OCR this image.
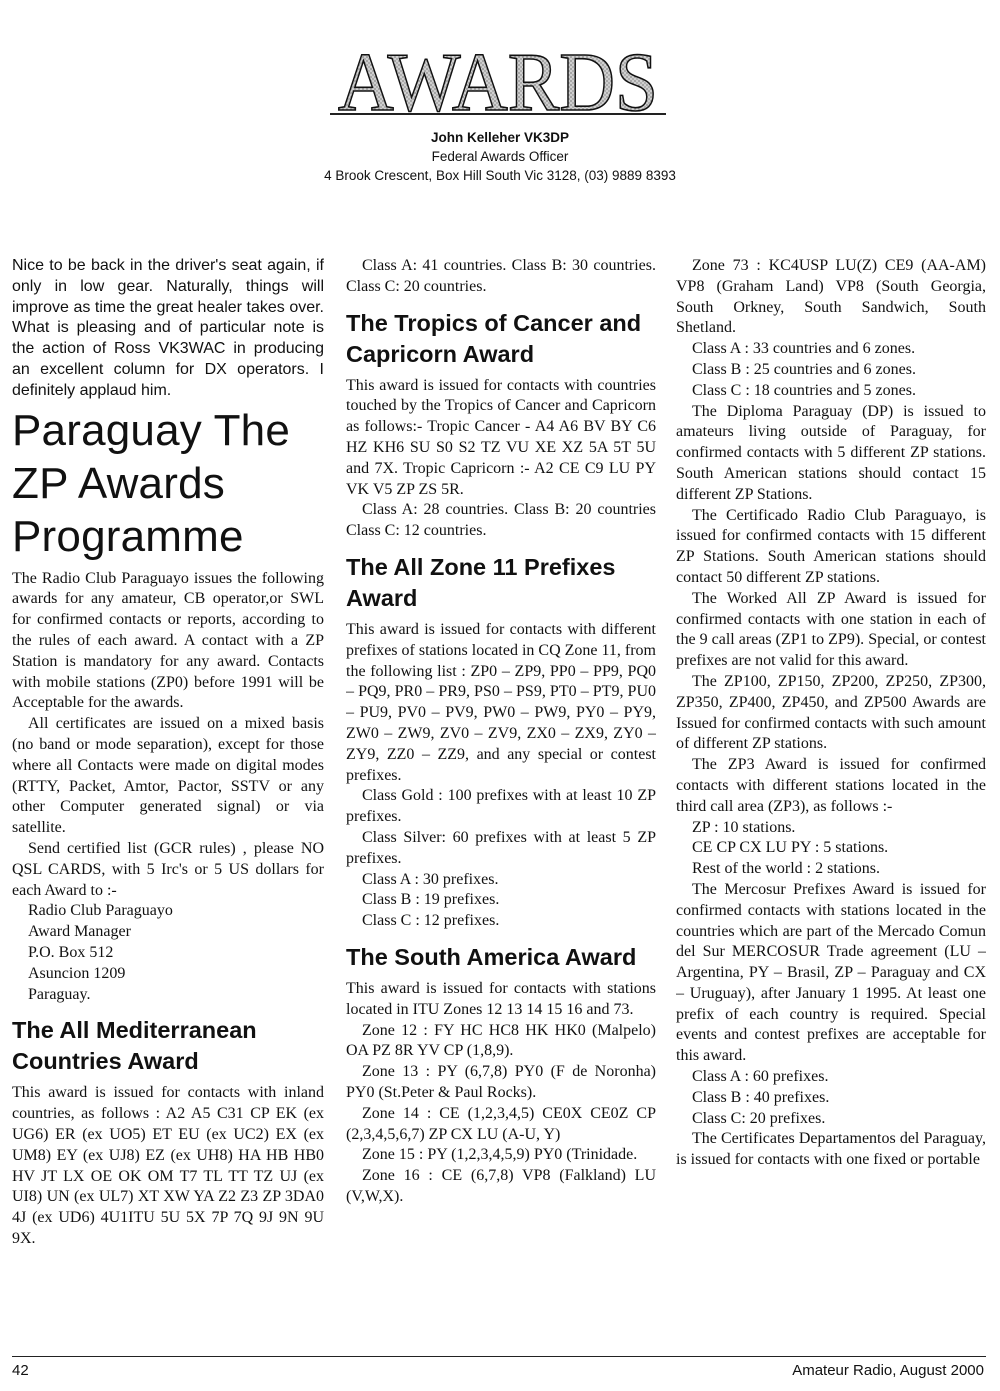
AWARDS
John Kelleher VK3DP
Federal Awards Officer
4 Brook Crescent, Box Hill South Vic 3128, (03) 9889 8393

Nice to be back in the driver's seat again, if only in low gear. Naturally, things will improve as time the great healer takes over. What is pleasing and of particular note is the action of Ross VK3WAC in producing an excellent column for DX operators. I definitely applaud him.

Paraguay The ZP Awards Programme

The Radio Club Paraguayo issues the following awards for any amateur, CB operator,or SWL for confirmed contacts or reports, according to the rules of each award. A contact with a ZP Station is mandatory for any award. Contacts with mobile stations (ZP0) before 1991 will be Acceptable for the awards.

All certificates are issued on a mixed basis (no band or mode separation), except for those where all Contacts were made on digital modes (RTTY, Packet, Amtor, Pactor, SSTV or any other Computer generated signal) or via satellite.

Send certified list (GCR rules) , please NO QSL CARDS, with 5 Irc's or 5 US dollars for each Award to :-

Radio Club Paraguayo
Award Manager
P.O. Box 512
Asuncion 1209
Paraguay.
The All Mediterranean Countries Award

This award is issued for contacts with inland countries, as follows : A2 A5 C31 CP EK (ex UG6) ER (ex UO5) ET EU (ex UC2) EX (ex UM8) EY (ex UJ8) EZ (ex UH8) HA HB HB0 HV JT LX OE OK OM T7 TL TT TZ UJ (ex UI8) UN (ex UL7) XT XW YA Z2 Z3 ZP 3DA0 4J (ex UD6) 4U1ITU 5U 5X 7P 7Q 9J 9N 9U 9X.

Class A: 41 countries. Class B: 30 countries. Class C: 20 countries.

The Tropics of Cancer and Capricorn Award

This award is issued for contacts with countries touched by the Tropics of Cancer and Capricorn as follows:- Tropic Cancer - A4 A6 BV BY C6 HZ KH6 SU S0 S2 TZ VU XE XZ 5A 5T 5U and 7X. Tropic Capricorn :- A2 CE C9 LU PY VK V5 ZP ZS 5R.

Class A: 28 countries. Class B: 20 countries Class C: 12 countries.

The All Zone 11 Prefixes Award

This award is issued for contacts with different prefixes of stations located in CQ Zone 11, from the following list : ZP0 – ZP9, PP0 – PP9, PQ0 – PQ9, PR0 – PR9, PS0 – PS9, PT0 – PT9, PU0 – PU9, PV0 – PV9, PW0 – PW9, PY0 – PY9, ZW0 – ZW9, ZV0 – ZV9, ZX0 – ZX9, ZY0 – ZY9, ZZ0 – ZZ9, and any special or contest prefixes.

Class Gold : 100 prefixes with at least 10 ZP prefixes.

Class Silver: 60 prefixes with at least 5 ZP prefixes.

Class A : 30 prefixes.
Class B : 19 prefixes.
Class C : 12 prefixes.
The South America Award

This award is issued for contacts with stations located in ITU Zones 12 13 14 15 16 and 73.

Zone 12 : FY HC HC8 HK HK0 (Malpelo) OA PZ 8R YV CP (1,8,9).

Zone 13 : PY (6,7,8) PY0 (F de Noronha) PY0 (St.Peter & Paul Rocks).

Zone 14 : CE (1,2,3,4,5) CE0X CE0Z CP (2,3,4,5,6,7) ZP CX LU (A-U, Y)

Zone 15 : PY (1,2,3,4,5,9) PY0 (Trinidade.

Zone 16 : CE (6,7,8) VP8 (Falkland) LU (V,W,X).

Zone 73 : KC4USP LU(Z) CE9 (AA-AM) VP8 (Graham Land) VP8 (South Georgia, South Orkney, South Sandwich, South Shetland.

Class A : 33 countries and 6 zones.
Class B : 25 countries and 6 zones.
Class C : 18 countries and 5 zones.

The Diploma Paraguay (DP) is issued to amateurs living outside of Paraguay, for confirmed contacts with 5 different ZP stations. South American stations should contact 15 different ZP Stations.

The Certificado Radio Club Paraguayo, is issued for confirmed contacts with 15 different ZP Stations. South American stations should contact 50 different ZP stations.

The Worked All ZP Award is issued for confirmed contacts with one station in each of the 9 call areas (ZP1 to ZP9). Special, or contest prefixes are not valid for this award.

The ZP100, ZP150, ZP200, ZP250, ZP300, ZP350, ZP400, ZP450, and ZP500 Awards are Issued for confirmed contacts with such amount of different ZP stations.

The ZP3 Award is issued for confirmed contacts with different stations located in the third call area (ZP3), as follows :-

ZP : 10 stations.
CE CP CX LU PY : 5 stations.
Rest of the world : 2 stations.

The Mercosur Prefixes Award is issued for confirmed contacts with stations located in the countries which are part of the Mercado Comun del Sur MERCOSUR Trade agreement (LU – Argentina, PY – Brasil, ZP – Paraguay and CX – Uruguay), after January 1 1995. At least one prefix of each country is required. Special events and contest prefixes are acceptable for this award.

Class A : 60 prefixes.
Class B : 40 prefixes.
Class C: 20 prefixes.

The Certificates Departamentos del Paraguay, is issued for contacts with one fixed or portable

42	Amateur Radio, August 2000
